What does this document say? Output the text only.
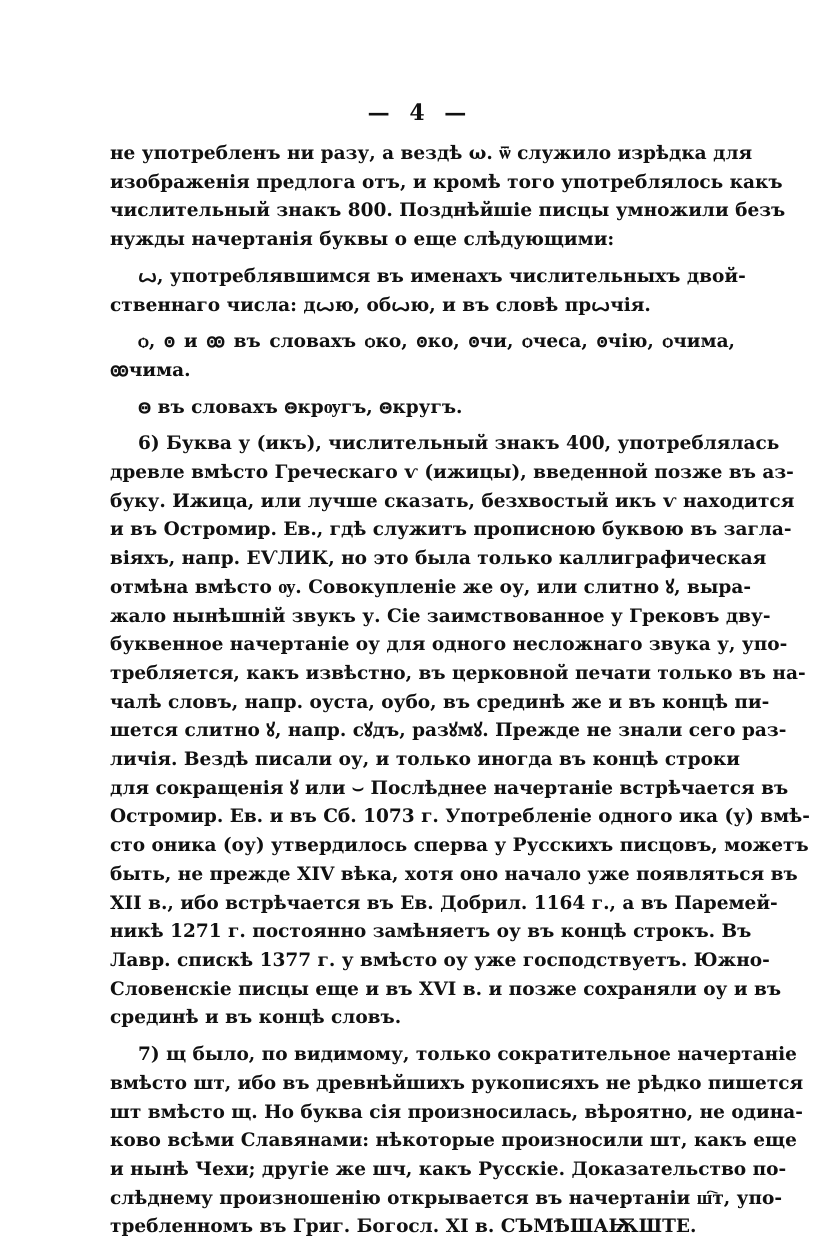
— 4 —
не употребленъ ни разу, а вездѣ ω. ѿ служило изрѣдка для
изображенія предлога отъ, и кромѣ того употреблялось какъ
числительный знакъ 800. Позднѣйшіе писцы умножили безъ
нужды начертанія буквы о еще слѣдующими:
ꙍ, употреблявшимся въ именахъ числительныхъ двой-
ственнаго числа: дꙍю, обꙍю, и въ словѣ прꙍчія.
ѻ, ꙩ и ꙭ въ словахъ ѻко, ꙩко, ꙩчи, ѻчеса, ꙩчію, ѻчима,
ꙭчима.
ꙫ въ словахъ ꙫкрѹгъ, ꙫкругъ.
6) Буква у (икъ), числительный знакъ 400, употреблялась
древле вмѣсто Греческаго ѵ (ижицы), введенной позже въ аз-
буку. Ижица, или лучше сказать, безхвостый икъ ѵ находится
и въ Остромир. Ев., гдѣ служитъ прописною буквою въ загла-
віяхъ, напр. ЕѴЛИК, но это была только каллиграфическая
отмѣна вмѣсто ѹ. Совокупленіе же оу, или слитно ꙋ, выра-
жало нынѣшній звукъ у. Сіе заимствованное у Грековъ дву-
буквенное начертаніе оу для одного несложнаго звука у, упо-
требляется, какъ извѣстно, въ церковной печати только въ на-
чалѣ словъ, напр. оуста, оубо, въ срединѣ же и въ концѣ пи-
шется слитно ꙋ, напр. сꙋдъ, разꙋмꙋ. Прежде не знали сего раз-
личія. Вездѣ писали оу, и только иногда въ концѣ строки
для сокращенія ꙋ или ⌣ Послѣднее начертаніе встрѣчается въ
Остромир. Ев. и въ Сб. 1073 г. Употребленіе одного ика (у) вмѣ-
сто оника (оу) утвердилось сперва у Русскихъ писцовъ, можетъ
быть, не прежде XIV вѣка, хотя оно начало уже появляться въ
XII в., ибо встрѣчается въ Ев. Добрил. 1164 г., а въ Паремей-
никѣ 1271 г. постоянно замѣняетъ оу въ концѣ строкъ. Въ
Лавр. спискѣ 1377 г. у вмѣсто оу уже господствуетъ. Южно-
Словенскіе писцы еще и въ XVI в. и позже сохраняли оу и въ
срединѣ и въ концѣ словъ.
7) щ было, по видимому, только сократительное начертаніе
вмѣсто шт, ибо въ древнѣйшихъ рукописяхъ не рѣдко пишется
шт вмѣсто щ. Но буква сія произносилась, вѣроятно, не одина-
ково всѣми Славянами: нѣкоторые произносили шт, какъ еще
и нынѣ Чехи; другіе же шч, какъ Русскіе. Доказательство по-
слѣднему произношенію открывается въ начертаніи ш҇т, упо-
требленномъ въ Григ. Богосл. XI в. СЪМѢШАѬШТЕ.
